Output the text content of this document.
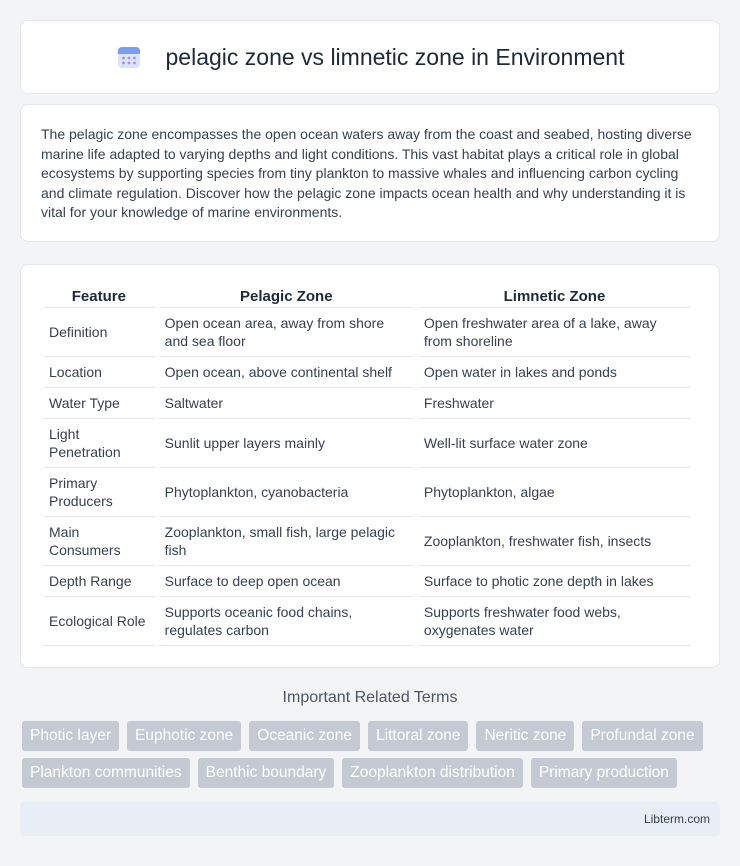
pelagic zone vs limnetic zone in Environment

The pelagic zone encompasses the open ocean waters away from the coast and seabed, hosting diverse marine life adapted to varying depths and light conditions. This vast habitat plays a critical role in global ecosystems by supporting species from tiny plankton to massive whales and influencing carbon cycling and climate regulation. Discover how the pelagic zone impacts ocean health and why understanding it is vital for your knowledge of marine environments.

Feature	Pelagic Zone	Limnetic Zone
Definition	Open ocean area, away from shore and sea floor	Open freshwater area of a lake, away from shoreline
Location	Open ocean, above continental shelf	Open water in lakes and ponds
Water Type	Saltwater	Freshwater
Light Penetration	Sunlit upper layers mainly	Well-lit surface water zone
Primary Producers	Phytoplankton, cyanobacteria	Phytoplankton, algae
Main Consumers	Zooplankton, small fish, large pelagic fish	Zooplankton, freshwater fish, insects
Depth Range	Surface to deep open ocean	Surface to photic zone depth in lakes
Ecological Role	Supports oceanic food chains, regulates carbon	Supports freshwater food webs, oxygenates water
Important Related Terms
Photic layer	Euphotic zone	Oceanic zone	Littoral zone	Neritic zone	Profundal zone
Plankton communities	Benthic boundary	Zooplankton distribution	Primary production
Libterm.com
